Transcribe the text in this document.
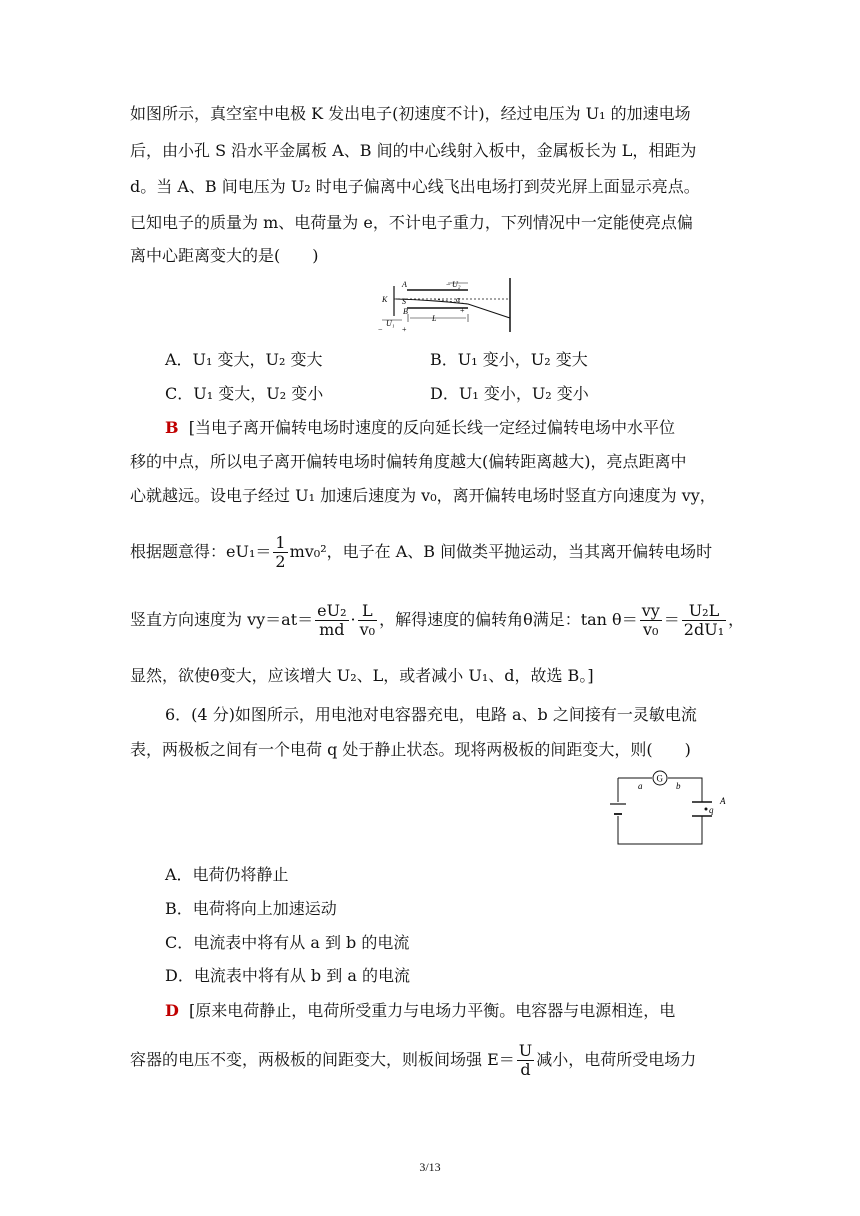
如图所示，真空室中电极 K 发出电子(初速度不计)，经过电压为 U₁ 的加速电场
后，由小孔 S 沿水平金属板 A、B 间的中心线射入板中，金属板长为 L，相距为
d。当 A、B 间电压为 U₂ 时电子偏离中心线飞出电场打到荧光屏上面显示亮点。
已知电子的质量为 m、电荷量为 e，不计电子重力，下列情况中一定能使亮点偏
离中心距离变大的是(　　)
A	U₂
−
K S
B
α
+
U₁
− +
L
A．U₁ 变大，U₂ 变大	B．U₁ 变小，U₂ 变大
C．U₁ 变大，U₂ 变小	D．U₁ 变小，U₂ 变小
B [当电子离开偏转电场时速度的反向延长线一定经过偏转电场中水平位
移的中点，所以电子离开偏转电场时偏转角度越大(偏转距离越大)，亮点距离中
心就越远。设电子经过 U₁ 加速后速度为 v₀，离开偏转电场时竖直方向速度为 vy，
根据题意得：$eU_1= \frac{1}{2} mv_0^2$，电子在 A、B 间做类平抛运动，当其离开偏转电场时
竖直方向速度为 $vy=at= \frac{\text{eU₂}}{md} \cdot \frac{L}{\text{v₀}}$ ，解得速度的偏转角θ满足：$\tan \theta= \frac{vy}{\text{v₀}} = \frac{\text{U₂L}}{\text{2dU₁}}$ ，
显然，欲使θ变大，应该增大 U₂、L，或者减小 U₁、d，故选 B。]
6．(4 分)如图所示，用电池对电容器充电，电路 a、b 之间接有一灵敏电流
表，两极板之间有一个电荷 q 处于静止状态。现将两极板的间距变大，则(　　)
G
a	b
A
q
A．电荷仍将静止
B．电荷将向上加速运动
C．电流表中将有从 a 到 b 的电流
D．电流表中将有从 b 到 a 的电流
D [原来电荷静止，电荷所受重力与电场力平衡。电容器与电源相连，电
容器的电压不变，两极板的间距变大，则板间场强 $E= \frac{U}{d}$ 减小，电荷所受电场力
3/13
